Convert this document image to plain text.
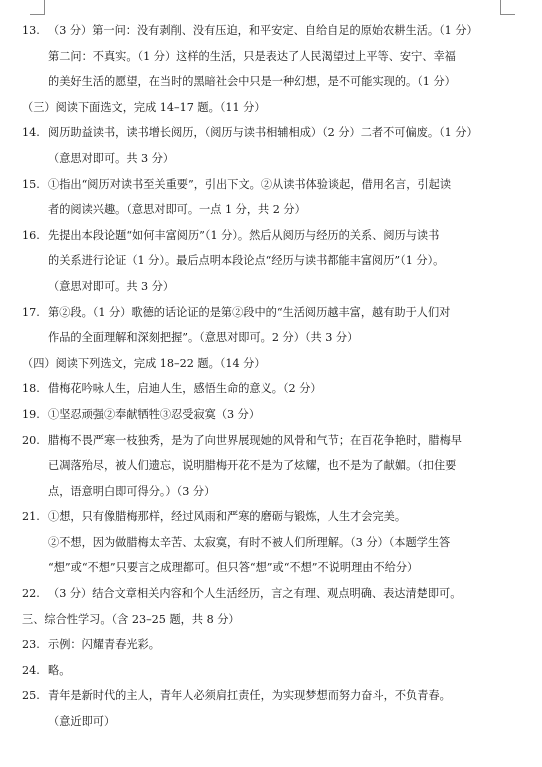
13. （3 分）第一问：没有剥削、没有压迫，和平安定、自给自足的原始农耕生活。（1 分）
第二问：不真实。（1 分）这样的生活，只是表达了人民渴望过上平等、安宁、幸福
的美好生活的愿望，在当时的黑暗社会中只是一种幻想，是不可能实现的。（1 分）
（三）阅读下面选文，完成 14–17 题。（11 分）
14. 阅历助益读书，读书增长阅历，（阅历与读书相辅相成）（2 分）二者不可偏废。（1 分）
（意思对即可。共 3 分）
15. ①指出“阅历对读书至关重要”，引出下文。②从读书体验谈起，借用名言，引起读
者的阅读兴趣。（意思对即可。一点 1 分，共 2 分）
16. 先提出本段论题“如何丰富阅历”（1 分）。然后从阅历与经历的关系、阅历与读书
的关系进行论证（1 分）。最后点明本段论点“经历与读书都能丰富阅历”（1 分）。
（意思对即可。共 3 分）
17. 第②段。（1 分）歌德的话论证的是第②段中的“生活阅历越丰富，越有助于人们对
作品的全面理解和深刻把握”。（意思对即可。2 分）（共 3 分）
（四）阅读下列选文，完成 18–22 题。（14 分）
18. 借梅花吟咏人生，启迪人生，感悟生命的意义。（2 分）
19. ①坚忍顽强②奉献牺牲③忍受寂寞（3 分）
20. 腊梅不畏严寒一枝独秀，是为了向世界展现她的风骨和气节；在百花争艳时，腊梅早
已凋落殆尽，被人们遗忘，说明腊梅开花不是为了炫耀，也不是为了献媚。（扣住要
点，语意明白即可得分。）（3 分）
21. ①想，只有像腊梅那样，经过风雨和严寒的磨砺与锻炼，人生才会完美。
②不想，因为做腊梅太辛苦、太寂寞，有时不被人们所理解。（3 分）（本题学生答
“想”或“不想”只要言之成理都可。但只答“想”或“不想”不说明理由不给分）
22. （3 分）结合文章相关内容和个人生活经历，言之有理、观点明确、表达清楚即可。
三、综合性学习。（含 23–25 题，共 8 分）
23. 示例：闪耀青春光彩。
24. 略。
25. 青年是新时代的主人，青年人必须肩扛责任，为实现梦想而努力奋斗，不负青春。
（意近即可）
